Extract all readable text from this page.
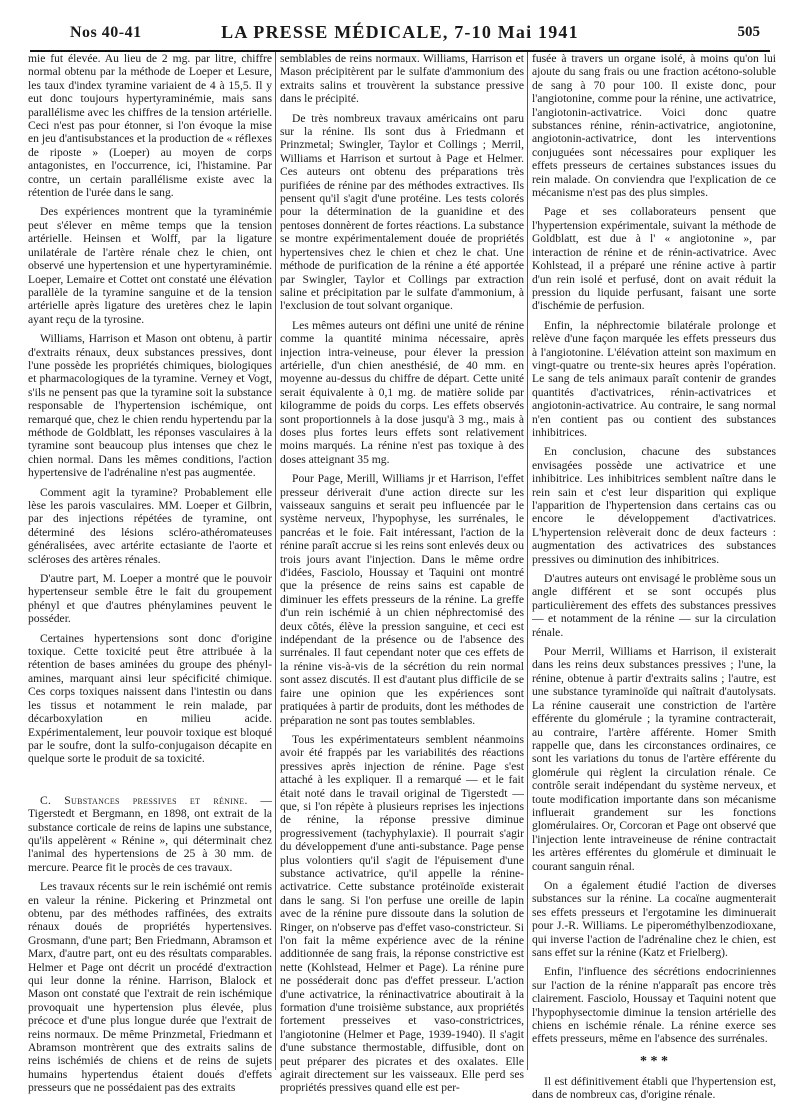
Nos 40-41	LA PRESSE MÉDICALE, 7-10 Mai 1941	505

mie fut élevée. Au lieu de 2 mg. par litre, chiffre normal obtenu par la méthode de Loeper et Lesure, les taux d'index tyramine variaient de 4 à 15,5. Il y eut donc toujours hypertyraminémie, mais sans parallélisme avec les chiffres de la tension artérielle. Ceci n'est pas pour étonner, si l'on évoque la mise en jeu d'antisubstances et la production de « réflexes de riposte » (Loeper) au moyen de corps antagonistes, en l'occurrence, ici, l'histamine. Par contre, un certain parallélisme existe avec la rétention de l'urée dans le sang.

Des expériences montrent que la tyraminémie peut s'élever en même temps que la tension artérielle. Heinsen et Wolff, par la ligature unilatérale de l'artère rénale chez le chien, ont observé une hypertension et une hypertyraminémie. Loeper, Lemaire et Cottet ont constaté une élévation parallèle de la tyramine sanguine et de la tension artérielle après ligature des uretères chez le lapin ayant reçu de la tyrosine.

Williams, Harrison et Mason ont obtenu, à partir d'extraits rénaux, deux substances pressives, dont l'une possède les propriétés chimiques, biologiques et pharmacologiques de la tyramine. Verney et Vogt, s'ils ne pensent pas que la tyramine soit la substance responsable de l'hypertension ischémique, ont remarqué que, chez le chien rendu hypertendu par la méthode de Goldblatt, les réponses vasculaires à la tyramine sont beaucoup plus intenses que chez le chien normal. Dans les mêmes conditions, l'action hypertensive de l'adrénaline n'est pas augmentée.

Comment agit la tyramine? Probablement elle lèse les parois vasculaires. MM. Loeper et Gilbrin, par des injections répétées de tyramine, ont déterminé des lésions scléro-athéromateuses généralisées, avec artérite ectasiante de l'aorte et scléroses des artères rénales.

D'autre part, M. Loeper a montré que le pouvoir hypertenseur semble être le fait du groupement phényl et que d'autres phénylamines peuvent le posséder.

Certaines hypertensions sont donc d'origine toxique. Cette toxicité peut être attribuée à la rétention de bases aminées du groupe des phényl-amines, marquant ainsi leur spécificité chimique. Ces corps toxiques naissent dans l'intestin ou dans les tissus et notamment le rein malade, par décarboxylation en milieu acide. Expérimentalement, leur pouvoir toxique est bloqué par le soufre, dont la sulfo-conjugaison décapite en quelque sorte le produit de sa toxicité.

C. Substances pressives et rénine. — Tigerstedt et Bergmann, en 1898, ont extrait de la substance corticale de reins de lapins une substance, qu'ils appelèrent « Rénine », qui déterminait chez l'animal des hypertensions de 25 à 30 mm. de mercure. Pearce fit le procès de ces travaux.

Les travaux récents sur le rein ischémié ont remis en valeur la rénine. Pickering et Prinzmetal ont obtenu, par des méthodes raffinées, des extraits rénaux doués de propriétés hypertensives. Grosmann, d'une part; Ben Friedmann, Abramson et Marx, d'autre part, ont eu des résultats comparables. Helmer et Page ont décrit un procédé d'extraction qui leur donne la rénine. Harrison, Blalock et Mason ont constaté que l'extrait de rein ischémique provoquait une hypertension plus élevée, plus précoce et d'une plus longue durée que l'extrait de reins normaux. De même Prinzmetal, Friedmann et Abramson montrèrent que des extraits salins de reins ischémiés de chiens et de reins de sujets humains hypertendus étaient doués d'effets presseurs que ne possédaient pas des extraits

semblables de reins normaux. Williams, Harrison et Mason précipitèrent par le sulfate d'ammonium des extraits salins et trouvèrent la substance pressive dans le précipité.

De très nombreux travaux américains ont paru sur la rénine. Ils sont dus à Friedmann et Prinzmetal; Swingler, Taylor et Collings ; Merril, Williams et Harrison et surtout à Page et Helmer. Ces auteurs ont obtenu des préparations très purifiées de rénine par des méthodes extractives. Ils pensent qu'il s'agit d'une protéine. Les tests colorés pour la détermination de la guanidine et des pentoses donnèrent de fortes réactions. La substance se montre expérimentalement douée de propriétés hypertensives chez le chien et chez le chat. Une méthode de purification de la rénine a été apportée par Swingler, Taylor et Collings par extraction saline et précipitation par le sulfate d'ammonium, à l'exclusion de tout solvant organique.

Les mêmes auteurs ont défini une unité de rénine comme la quantité minima nécessaire, après injection intra-veineuse, pour élever la pression artérielle, d'un chien anesthésié, de 40 mm. en moyenne au-dessus du chiffre de départ. Cette unité serait équivalente à 0,1 mg. de matière solide par kilogramme de poids du corps. Les effets observés sont proportionnels à la dose jusqu'à 3 mg., mais à doses plus fortes leurs effets sont relativement moins marqués. La rénine n'est pas toxique à des doses atteignant 35 mg.

Pour Page, Merill, Williams jr et Harrison, l'effet presseur dériverait d'une action directe sur les vaisseaux sanguins et serait peu influencée par le système nerveux, l'hypophyse, les surrénales, le pancréas et le foie. Fait intéressant, l'action de la rénine paraît accrue si les reins sont enlevés deux ou trois jours avant l'injection. Dans le même ordre d'idées, Fasciolo, Houssay et Taquini ont montré que la présence de reins sains est capable de diminuer les effets presseurs de la rénine. La greffe d'un rein ischémié à un chien néphrectomisé des deux côtés, élève la pression sanguine, et ceci est indépendant de la présence ou de l'absence des surrénales. Il faut cependant noter que ces effets de la rénine vis-à-vis de la sécrétion du rein normal sont assez discutés. Il est d'autant plus difficile de se faire une opinion que les expériences sont pratiquées à partir de produits, dont les méthodes de préparation ne sont pas toutes semblables.

Tous les expérimentateurs semblent néanmoins avoir été frappés par les variabilités des réactions pressives après injection de rénine. Page s'est attaché à les expliquer. Il a remarqué — et le fait était noté dans le travail original de Tigerstedt — que, si l'on répète à plusieurs reprises les injections de rénine, la réponse pressive diminue progressivement (tachyphylaxie). Il pourrait s'agir du développement d'une anti-substance. Page pense plus volontiers qu'il s'agit de l'épuisement d'une substance activatrice, qu'il appelle la rénine-activatrice. Cette substance protéinoïde existerait dans le sang. Si l'on perfuse une oreille de lapin avec de la rénine pure dissoute dans la solution de Ringer, on n'observe pas d'effet vaso-constricteur. Si l'on fait la même expérience avec de la rénine additionnée de sang frais, la réponse constrictive est nette (Kohlstead, Helmer et Page). La rénine pure ne posséderait donc pas d'effet presseur. L'action d'une activatrice, la réninactivatrice aboutirait à la formation d'une troisième substance, aux propriétés fortement presseives et vaso-constrictrices, l'angiotonine (Helmer et Page, 1939-1940). Il s'agit d'une substance thermostable, diffusible, dont on peut préparer des picrates et des oxalates. Elle agirait directement sur les vaisseaux. Elle perd ses propriétés pressives quand elle est per-

fusée à travers un organe isolé, à moins qu'on lui ajoute du sang frais ou une fraction acétono-soluble de sang à 70 pour 100. Il existe donc, pour l'angiotonine, comme pour la rénine, une activatrice, l'angiotonin-activatrice. Voici donc quatre substances rénine, rénin-activatrice, angiotonine, angiotonin-activatrice, dont les interventions conjuguées sont nécessaires pour expliquer les effets presseurs de certaines substances issues du rein malade. On conviendra que l'explication de ce mécanisme n'est pas des plus simples.

Page et ses collaborateurs pensent que l'hypertension expérimentale, suivant la méthode de Goldblatt, est due à l' « angiotonine », par interaction de rénine et de rénin-activatrice. Avec Kohlstead, il a préparé une rénine active à partir d'un rein isolé et perfusé, dont on avait réduit la pression du liquide perfusant, faisant une sorte d'ischémie de perfusion.

Enfin, la néphrectomie bilatérale prolonge et relève d'une façon marquée les effets presseurs dus à l'angiotonine. L'élévation atteint son maximum en vingt-quatre ou trente-six heures après l'opération. Le sang de tels animaux paraît contenir de grandes quantités d'activatrices, rénin-activatrices et angiotonin-activatrice. Au contraire, le sang normal n'en contient pas ou contient des substances inhibitrices.

En conclusion, chacune des substances envisagées possède une activatrice et une inhibitrice. Les inhibitrices semblent naître dans le rein sain et c'est leur disparition qui explique l'apparition de l'hypertension dans certains cas ou encore le développement d'activatrices. L'hypertension relèverait donc de deux facteurs : augmentation des activatrices des substances pressives ou diminution des inhibitrices.

D'autres auteurs ont envisagé le problème sous un angle différent et se sont occupés plus particulièrement des effets des substances pressives — et notamment de la rénine — sur la circulation rénale.

Pour Merril, Williams et Harrison, il existerait dans les reins deux substances pressives ; l'une, la rénine, obtenue à partir d'extraits salins ; l'autre, est une substance tyraminoïde qui naîtrait d'autolysats. La rénine causerait une constriction de l'artère efférente du glomérule ; la tyramine contracterait, au contraire, l'artère afférente. Homer Smith rappelle que, dans les circonstances ordinaires, ce sont les variations du tonus de l'artère efférente du glomérule qui règlent la circulation rénale. Ce contrôle serait indépendant du système nerveux, et toute modification importante dans son mécanisme influerait grandement sur les fonctions glomérulaires. Or, Corcoran et Page ont observé que l'injection lente intraveineuse de rénine contractait les artères efférentes du glomérule et diminuait le courant sanguin rénal.

On a également étudié l'action de diverses substances sur la rénine. La cocaïne augmenterait ses effets presseurs et l'ergotamine les diminuerait pour J.-R. Williams. Le piperométhylbenzodioxane, qui inverse l'action de l'adrénaline chez le chien, est sans effet sur la rénine (Katz et Frielberg).

Enfin, l'influence des sécrétions endocriniennes sur l'action de la rénine n'apparaît pas encore très clairement. Fasciolo, Houssay et Taquini notent que l'hypophysectomie diminue la tension artérielle des chiens en ischémie rénale. La rénine exerce ses effets presseurs, même en l'absence des surrénales.

* * *

Il est définitivement établi que l'hypertension est, dans de nombreux cas, d'origine rénale.
